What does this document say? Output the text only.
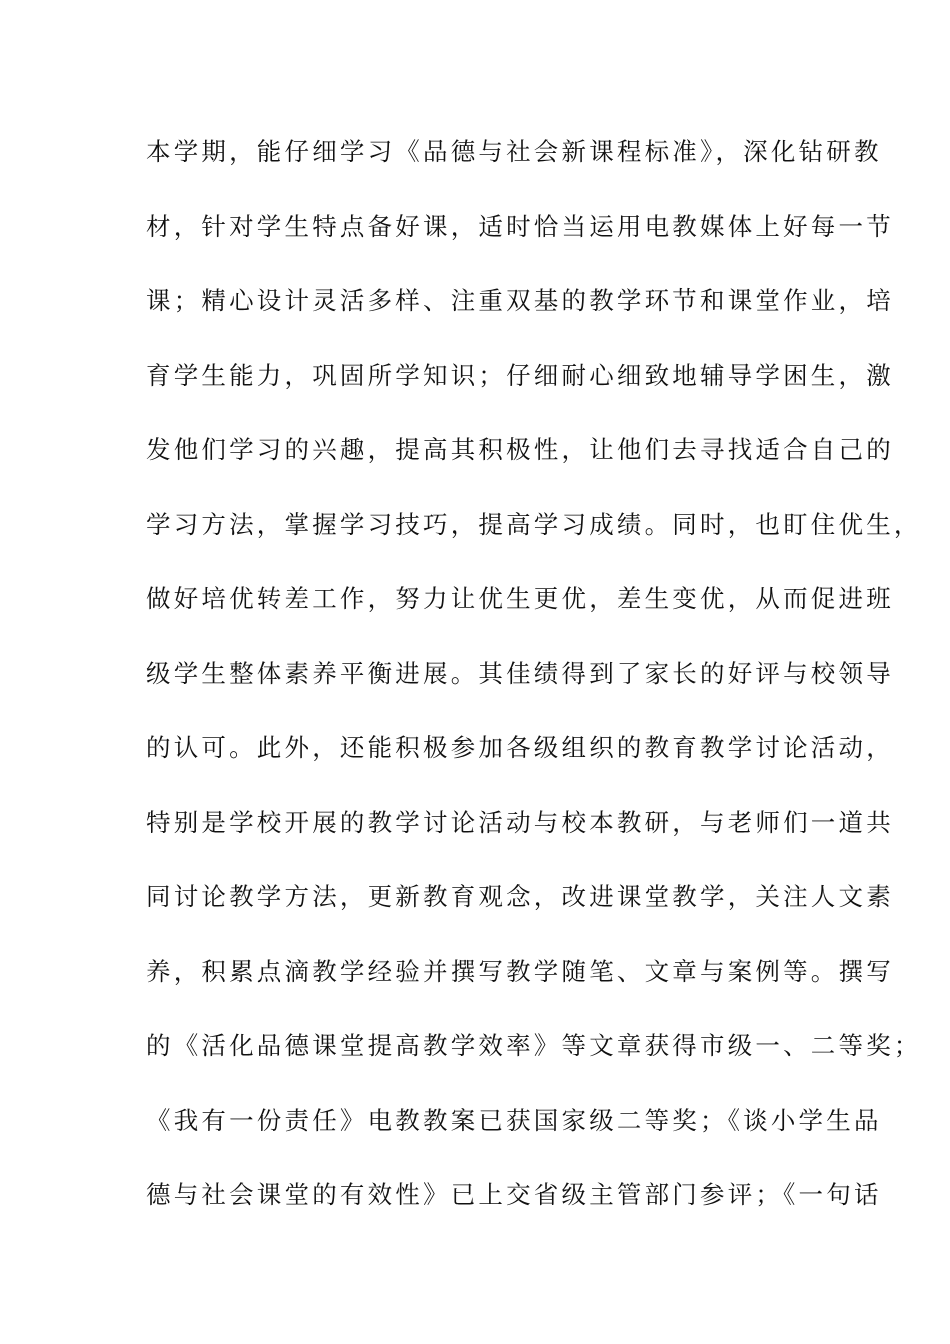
本学期，能仔细学习《品德与社会新课程标准》，深化钻研教
材，针对学生特点备好课，适时恰当运用电教媒体上好每一节
课；精心设计灵活多样、注重双基的教学环节和课堂作业，培
育学生能力，巩固所学知识；仔细耐心细致地辅导学困生，激
发他们学习的兴趣，提高其积极性，让他们去寻找适合自己的
学习方法，掌握学习技巧，提高学习成绩。同时，也盯住优生，
做好培优转差工作，努力让优生更优，差生变优，从而促进班
级学生整体素养平衡进展。其佳绩得到了家长的好评与校领导
的认可。此外，还能积极参加各级组织的教育教学讨论活动，
特别是学校开展的教学讨论活动与校本教研，与老师们一道共
同讨论教学方法，更新教育观念，改进课堂教学，关注人文素
养，积累点滴教学经验并撰写教学随笔、文章与案例等。撰写
的《活化品德课堂提高教学效率》等文章获得市级一、二等奖；
《我有一份责任》电教教案已获国家级二等奖；《谈小学生品
德与社会课堂的有效性》已上交省级主管部门参评；《一句话
